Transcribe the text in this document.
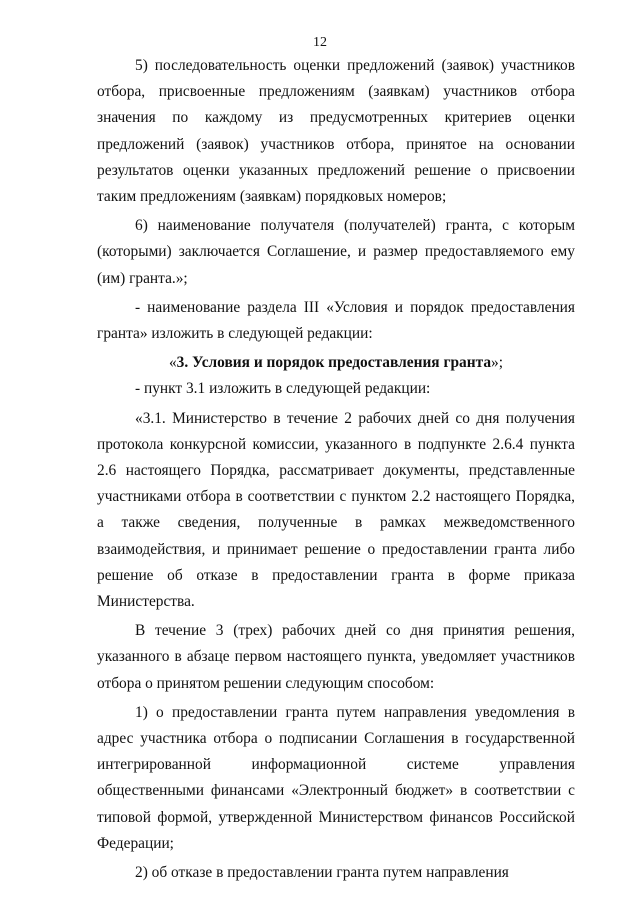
12

5) последовательность оценки предложений (заявок) участников отбора, присвоенные предложениям (заявкам) участников отбора значения по каждому из предусмотренных критериев оценки предложений (заявок) участников отбора, принятое на основании результатов оценки указанных предложений решение о присвоении таким предложениям (заявкам) порядковых номеров;

6) наименование получателя (получателей) гранта, с которым (которыми) заключается Соглашение, и размер предоставляемого ему (им) гранта.»;

- наименование раздела III «Условия и порядок предоставления гранта» изложить в следующей редакции:

«3. Условия и порядок предоставления гранта»;

- пункт 3.1 изложить в следующей редакции:

«3.1. Министерство в течение 2 рабочих дней со дня получения протокола конкурсной комиссии, указанного в подпункте 2.6.4 пункта 2.6 настоящего Порядка, рассматривает документы, представленные участниками отбора в соответствии с пунктом 2.2 настоящего Порядка, а также сведения, полученные в рамках межведомственного взаимодействия, и принимает решение о предоставлении гранта либо решение об отказе в предоставлении гранта в форме приказа Министерства.

В течение 3 (трех) рабочих дней со дня принятия решения, указанного в абзаце первом настоящего пункта, уведомляет участников отбора о принятом решении следующим способом:

1) о предоставлении гранта путем направления уведомления в адрес участника отбора о подписании Соглашения в государственной интегрированной информационной системе управления общественными финансами «Электронный бюджет» в соответствии с типовой формой, утвержденной Министерством финансов Российской Федерации;

2) об отказе в предоставлении гранта путем направления
